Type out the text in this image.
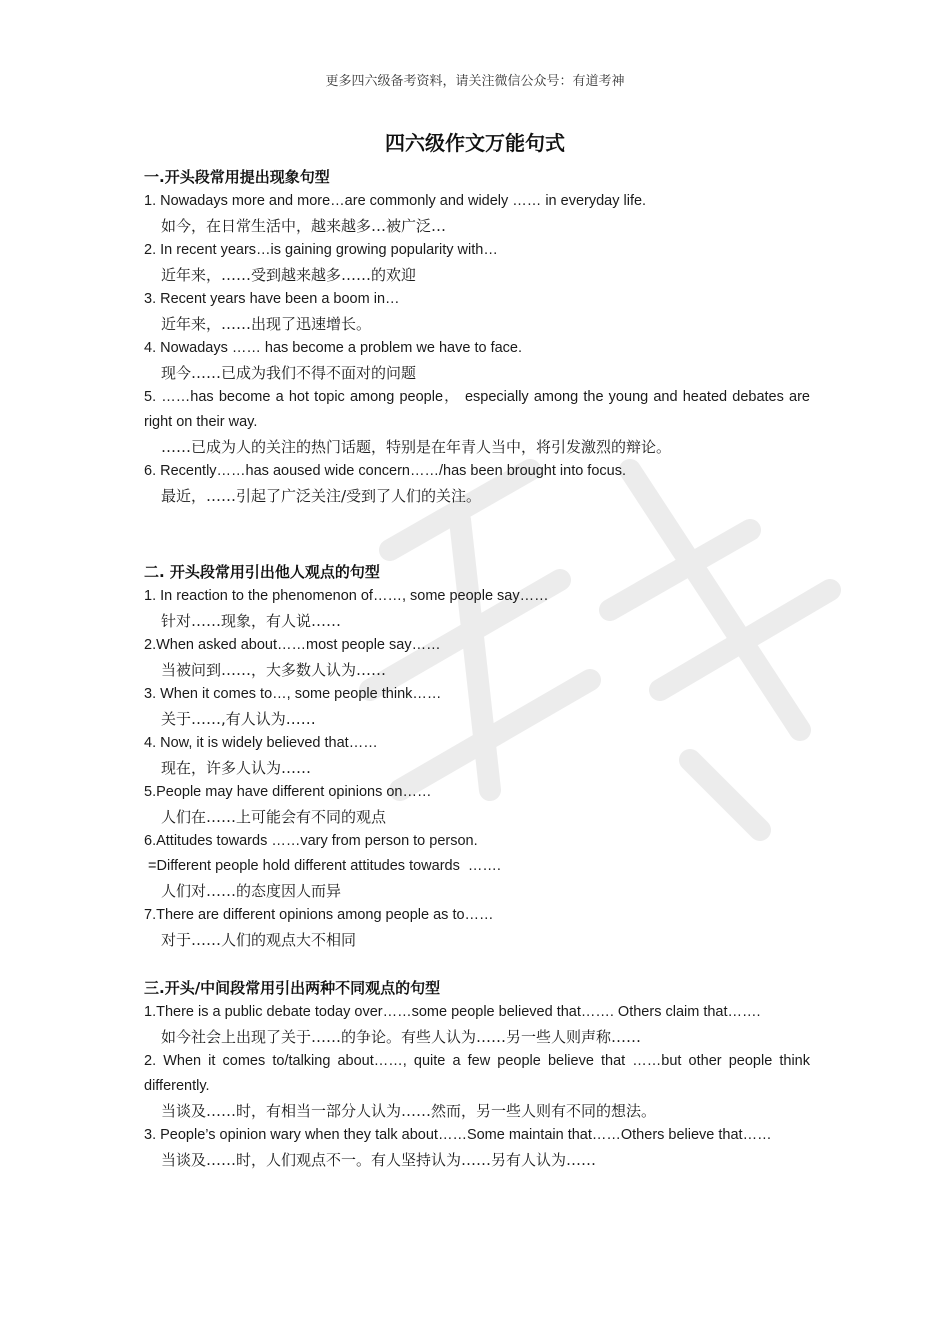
更多四六级备考资料，请关注微信公众号：有道考神
四六级作文万能句式

一.开头段常用提出现象句型

1. Nowadays more and more…are commonly and widely …… in everyday life.

如今，在日常生活中，越来越多…被广泛…

2. In recent years…is gaining growing popularity with…

近年来，……受到越来越多……的欢迎

3. Recent years have been a boom in…

近年来，……出现了迅速增长。

4. Nowadays …… has become a problem we have to face.

现今……已成为我们不得不面对的问题

5. ……has become a hot topic among people， especially among the young and heated debates are right on their way.

……已成为人的关注的热门话题，特别是在年青人当中，将引发激烈的辩论。

6. Recently……has aoused wide concern……/has been brought into focus.

最近，……引起了广泛关注/受到了人们的关注。

二. 开头段常用引出他人观点的句型

1. In reaction to the phenomenon of……, some people say……

针对……现象，有人说……

2.When asked about……most people say……

当被问到……，大多数人认为……

3. When it comes to…, some people think……

关于……,有人认为……

4. Now, it is widely believed that……

现在，许多人认为……

5.People may have different opinions on……

人们在……上可能会有不同的观点

6.Attitudes towards ……vary from person to person.

=Different people hold different attitudes towards  …….

人们对……的态度因人而异

7.There are different opinions among people as to……

对于……人们的观点大不相同

三.开头/中间段常用引出两种不同观点的句型

1.There is a public debate today over……some people believed that……. Others claim that…….

如今社会上出现了关于……的争论。有些人认为……另一些人则声称……

2. When it comes to/talking about……, quite a few people believe that ……but other people think differently.

当谈及……时，有相当一部分人认为……然而，另一些人则有不同的想法。

3. People’s opinion wary when they talk about……Some maintain that……Others believe that……

当谈及……时，人们观点不一。有人坚持认为……另有人认为……
